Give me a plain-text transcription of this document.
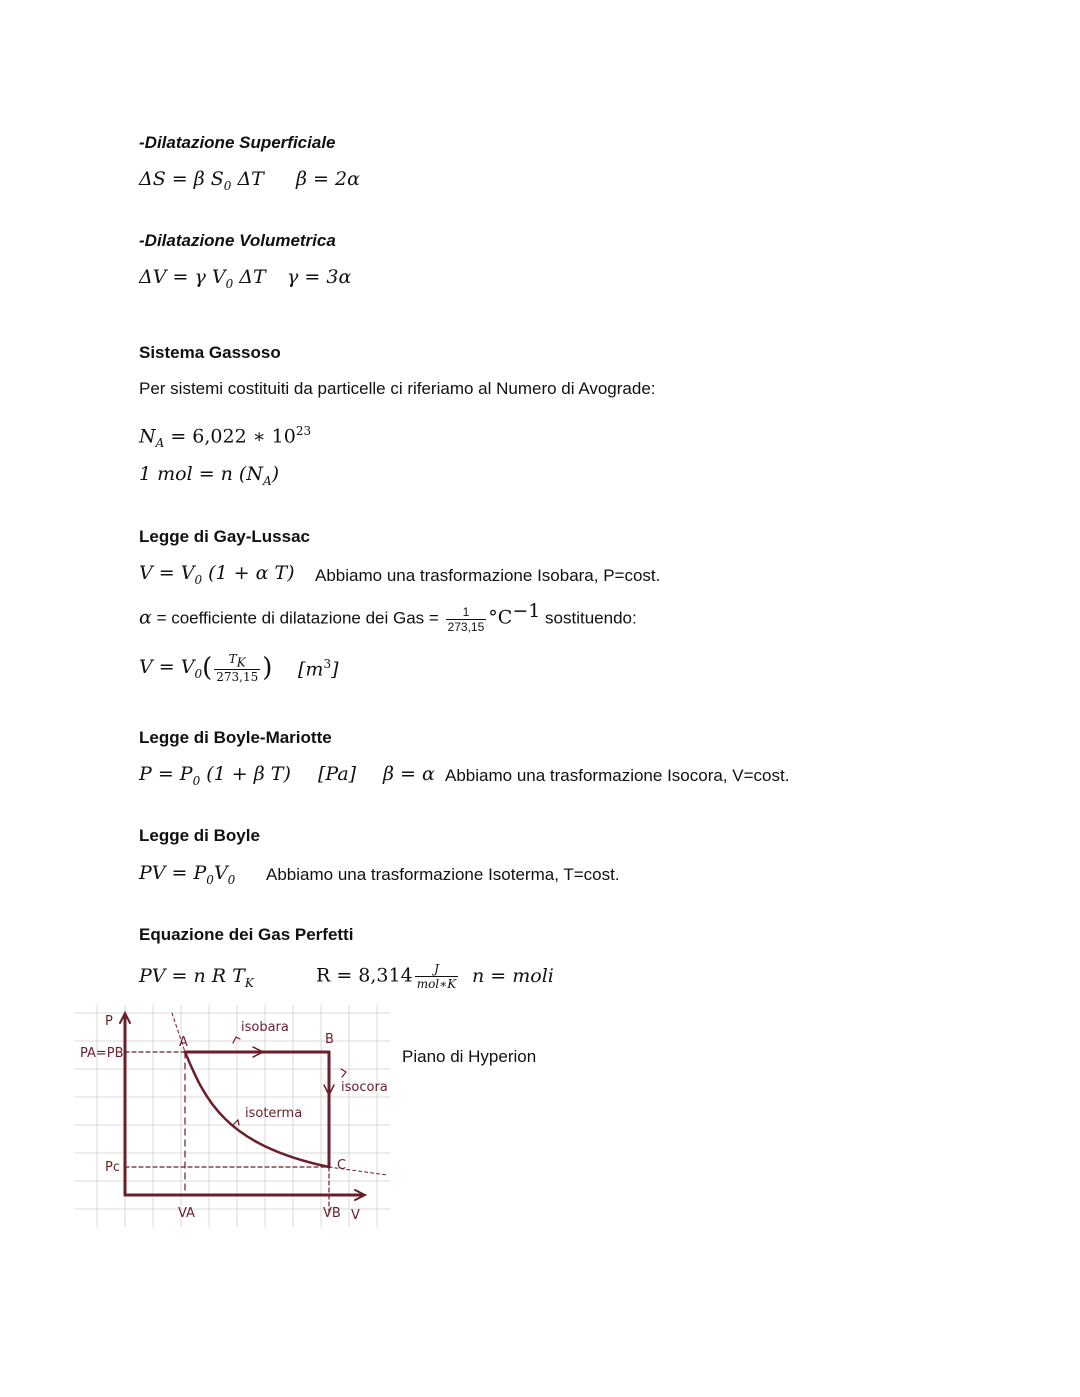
-Dilatazione Superficiale
ΔS = β $S_0$ ΔT β = 2α
-Dilatazione Volumetrica
ΔV = γ $V_0$ ΔT γ = 3α
Sistema Gassoso
Per sistemi costituiti da particelle ci riferiamo al Numero di Avograde:
$N_A = 6,022$ ∗ $10^{23}$
1 mol = n $(N_A)$
Legge di Gay-Lussac
$V = V_0$ (1 + α T) Abbiamo una trasformazione Isobara, P=cost.
α = coefficiente di dilatazione dei Gas = $\frac{1}{273,15} ^\circ C^{-1}$ sostituendo:
$V = V_0( \frac{T_K}{273,15}$ ) $[m^3]$
Legge di Boyle-Mariotte
$P = P_0$ (1 + β T) [Pa] β = α Abbiamo una trasformazione Isocora, V=cost.
Legge di Boyle
PV = $P_0V_0$ Abbiamo una trasformazione Isoterma, T=cost.
Equazione dei Gas Perfetti
PV = n R $T_K$	$R = 8,314 \frac{J}{\text{mol∗K}}$ n = moli
P
PA=PB
Pc
VA	VB V
A	B
C
isobara
isocora
isoterma
Piano di Hyperion
